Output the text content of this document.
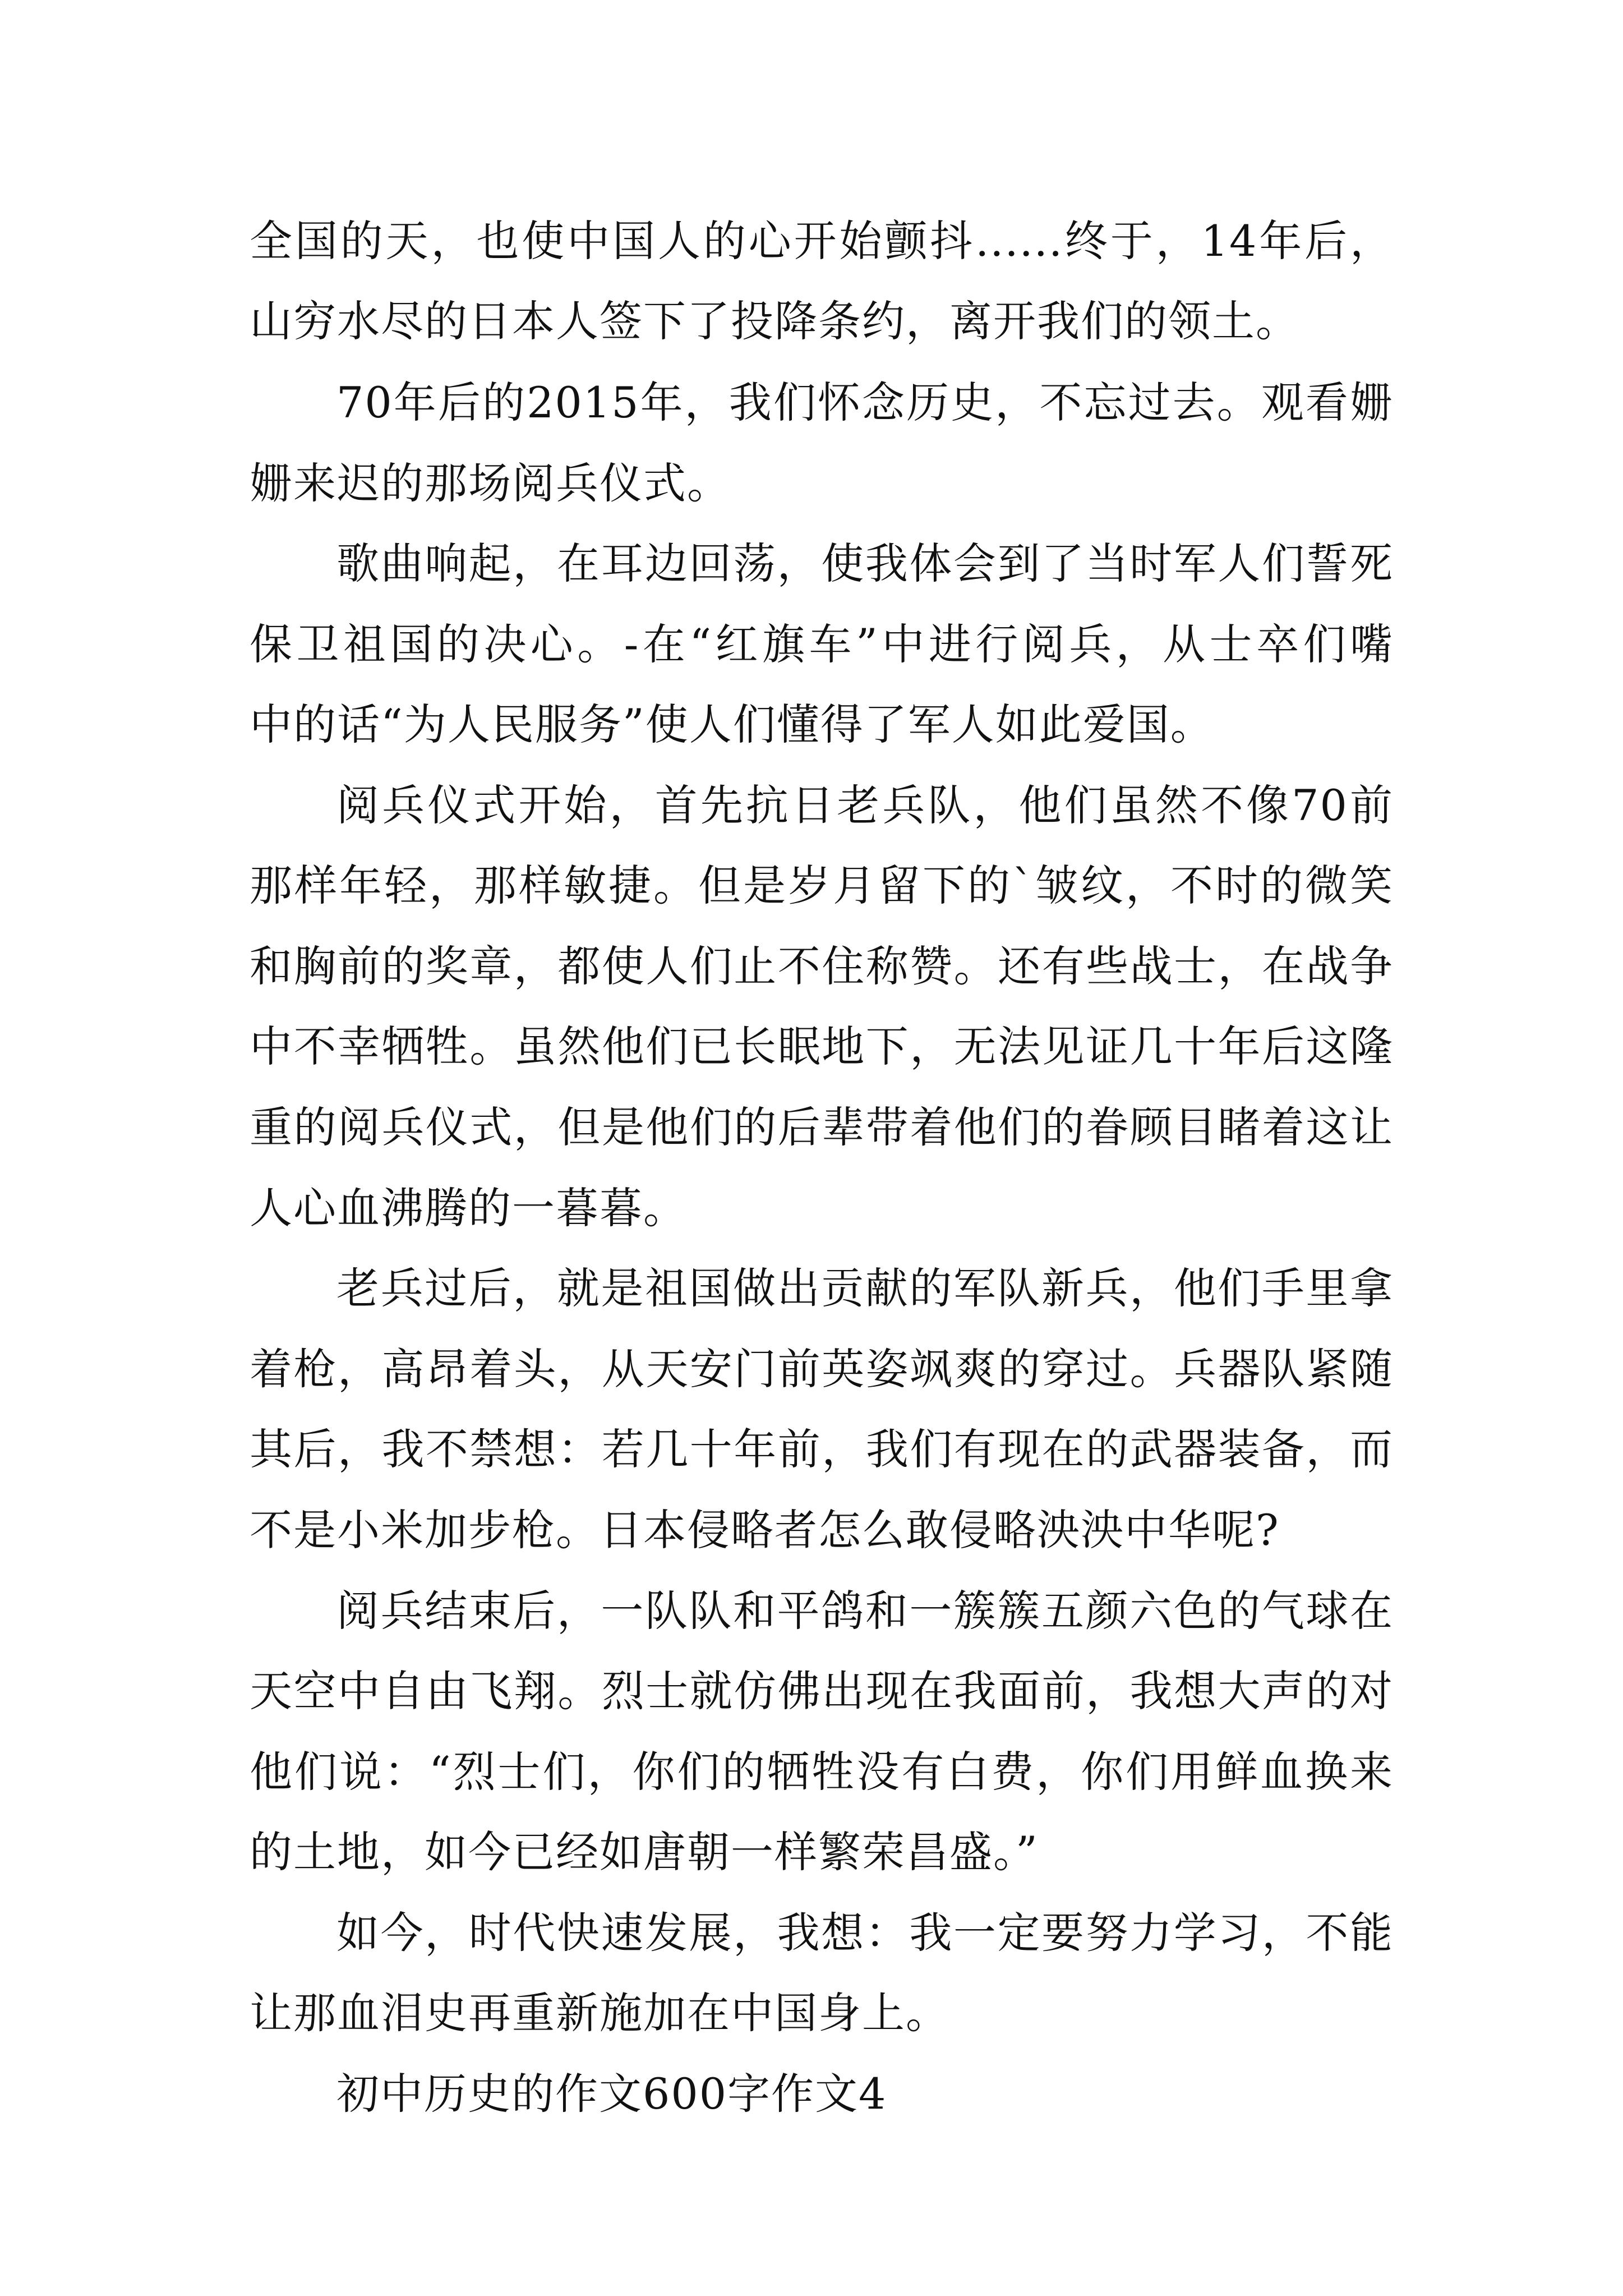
全国的天，也使中国人的心开始颤抖......终于，14年后，
山穷水尽的日本人签下了投降条约，离开我们的领土。
70年后的2015年，我们怀念历史，不忘过去。观看姗
姗来迟的那场阅兵仪式。
歌曲响起，在耳边回荡，使我体会到了当时军人们誓死
保卫祖国的决心。-在“红旗车”中进行阅兵，从士卒们嘴
中的话“为人民服务”使人们懂得了军人如此爱国。
阅兵仪式开始，首先抗日老兵队，他们虽然不像70前
那样年轻，那样敏捷。但是岁月留下的`皱纹，不时的微笑
和胸前的奖章，都使人们止不住称赞。还有些战士，在战争
中不幸牺牲。虽然他们已长眠地下，无法见证几十年后这隆
重的阅兵仪式，但是他们的后辈带着他们的眷顾目睹着这让
人心血沸腾的一暮暮。
老兵过后，就是祖国做出贡献的军队新兵，他们手里拿
着枪，高昂着头，从天安门前英姿飒爽的穿过。兵器队紧随
其后，我不禁想：若几十年前，我们有现在的武器装备，而
不是小米加步枪。日本侵略者怎么敢侵略泱泱中华呢?
阅兵结束后，一队队和平鸽和一簇簇五颜六色的气球在
天空中自由飞翔。烈士就仿佛出现在我面前，我想大声的对
他们说：“烈士们，你们的牺牲没有白费，你们用鲜血换来
的土地，如今已经如唐朝一样繁荣昌盛。”
如今，时代快速发展，我想：我一定要努力学习，不能
让那血泪史再重新施加在中国身上。
初中历史的作文600字作文4
